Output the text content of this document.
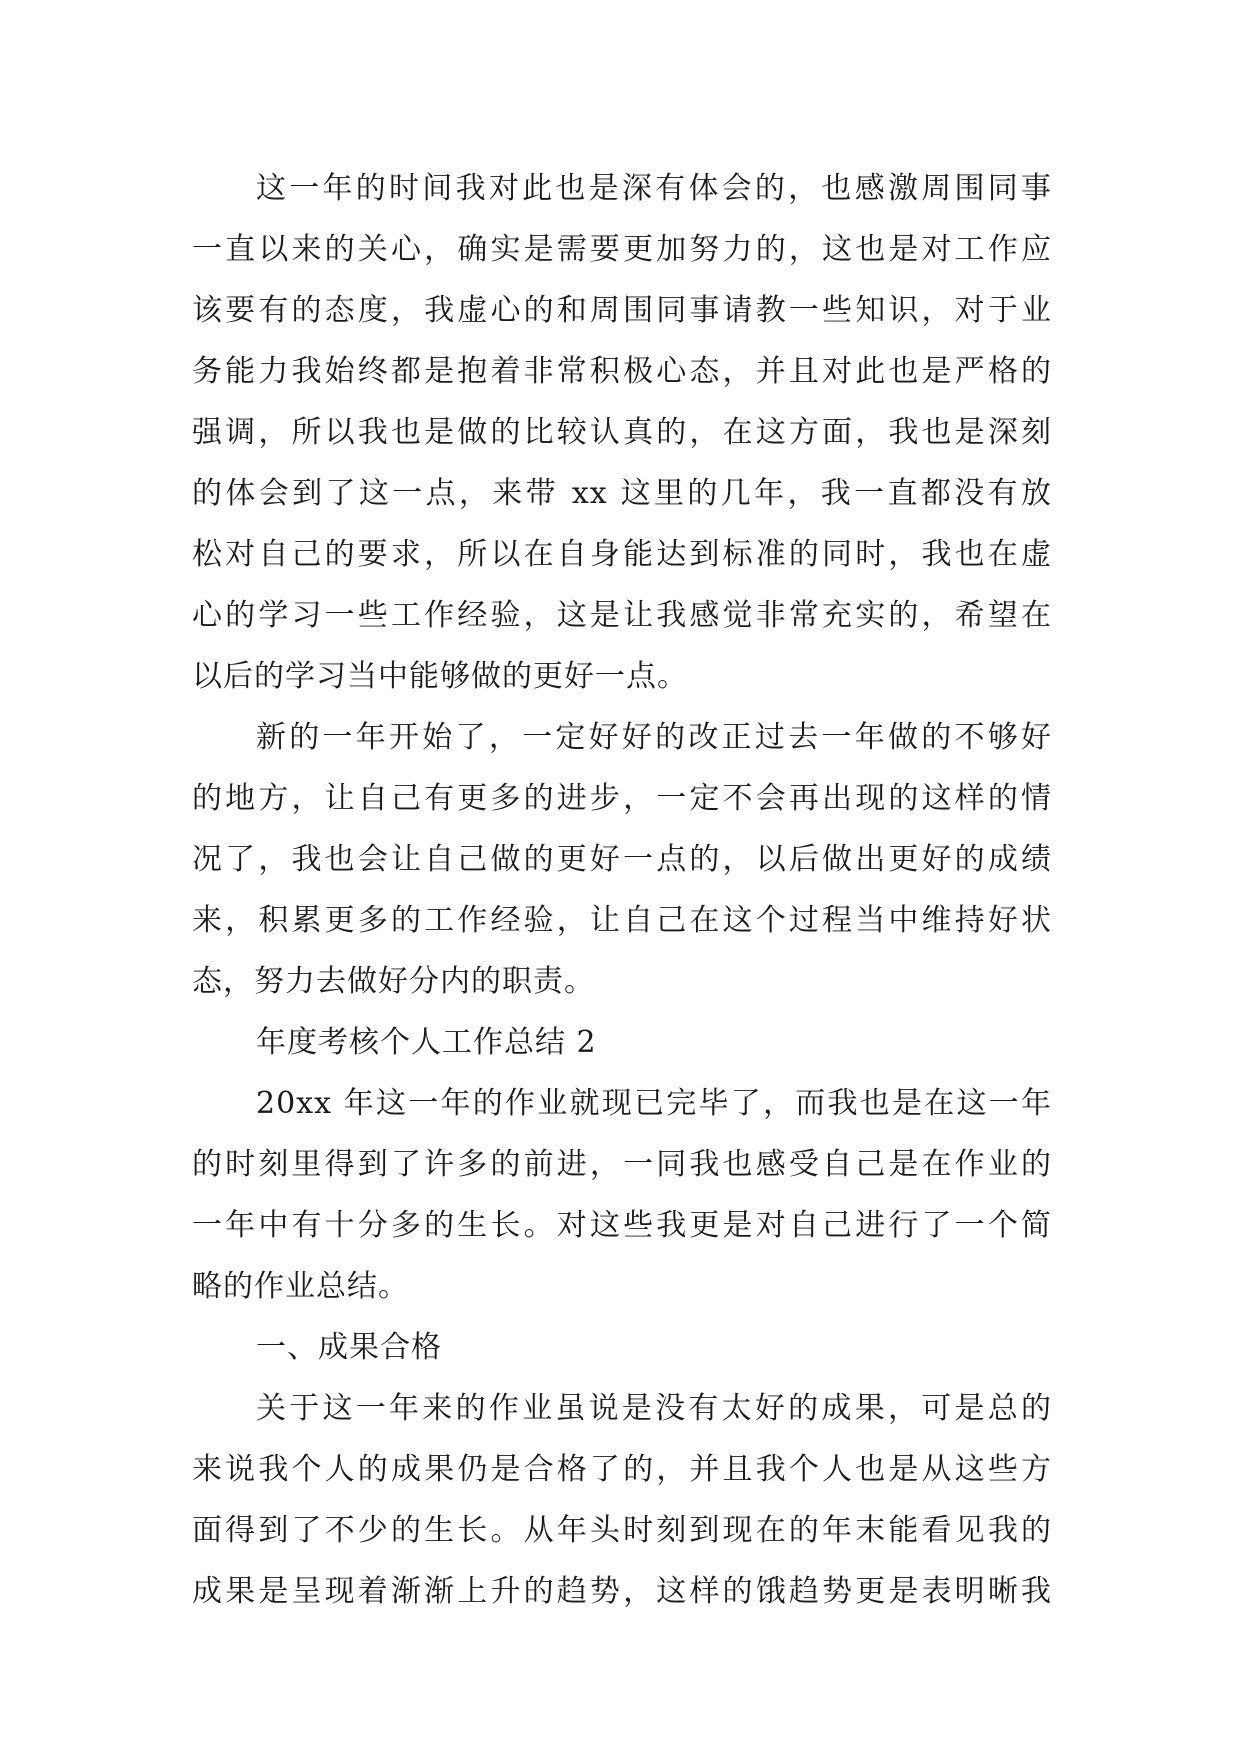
这一年的时间我对此也是深有体会的，也感激周围同事
一直以来的关心，确实是需要更加努力的，这也是对工作应
该要有的态度，我虚心的和周围同事请教一些知识，对于业
务能力我始终都是抱着非常积极心态，并且对此也是严格的
强调，所以我也是做的比较认真的，在这方面，我也是深刻
的体会到了这一点，来带 xx 这里的几年，我一直都没有放
松对自己的要求，所以在自身能达到标准的同时，我也在虚
心的学习一些工作经验，这是让我感觉非常充实的，希望在
以后的学习当中能够做的更好一点。
新的一年开始了，一定好好的改正过去一年做的不够好
的地方，让自己有更多的进步，一定不会再出现的这样的情
况了，我也会让自己做的更好一点的，以后做出更好的成绩
来，积累更多的工作经验，让自己在这个过程当中维持好状
态，努力去做好分内的职责。
年度考核个人工作总结 2
20xx 年这一年的作业就现已完毕了，而我也是在这一年
的时刻里得到了许多的前进，一同我也感受自己是在作业的
一年中有十分多的生长。对这些我更是对自己进行了一个简
略的作业总结。
一、成果合格
关于这一年来的作业虽说是没有太好的成果，可是总的
来说我个人的成果仍是合格了的，并且我个人也是从这些方
面得到了不少的生长。从年头时刻到现在的年末能看见我的
成果是呈现着渐渐上升的趋势，这样的饿趋势更是表明晰我
